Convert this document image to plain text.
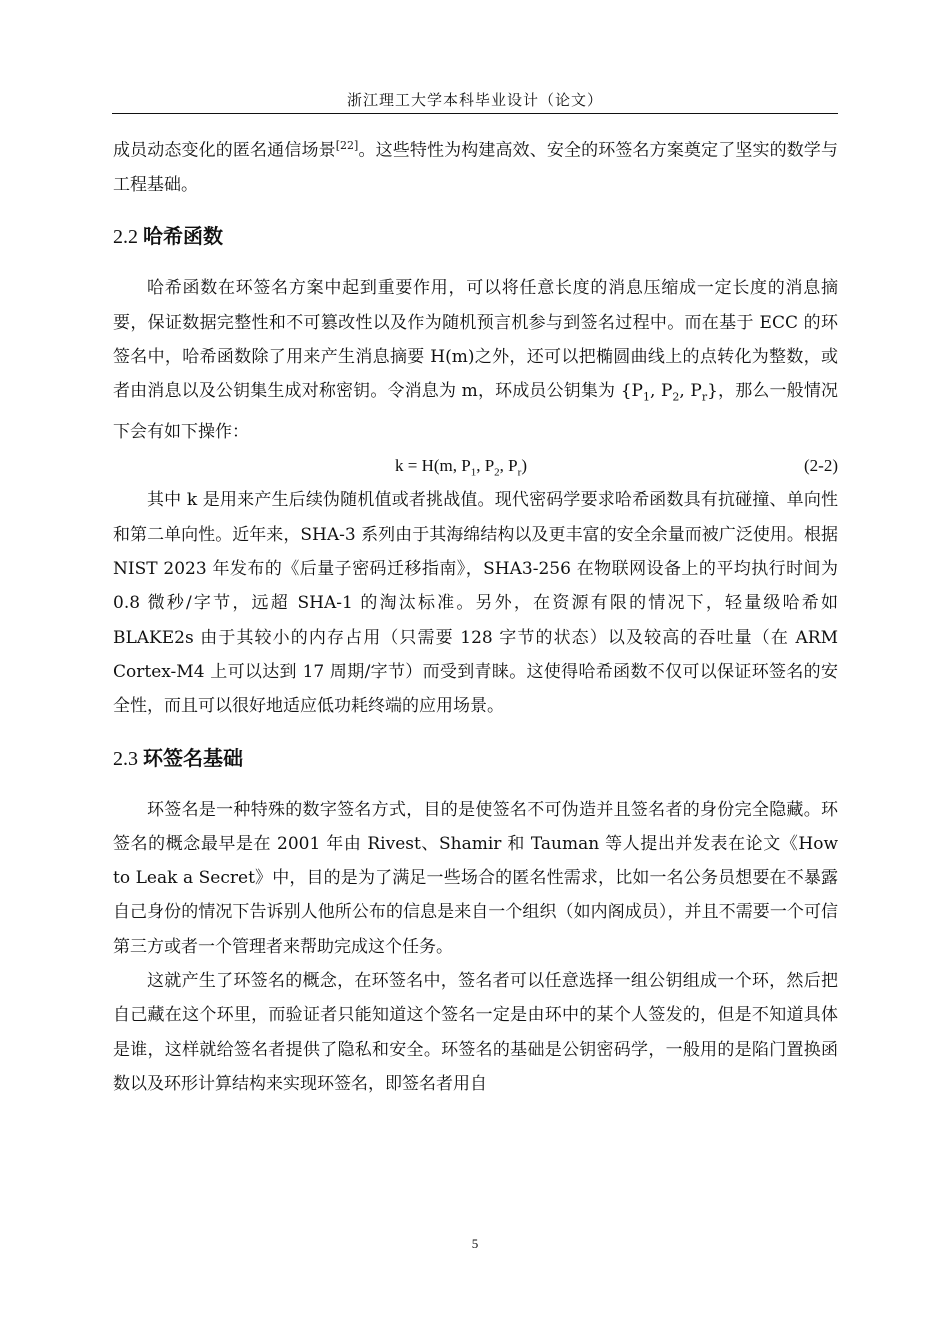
浙江理工大学本科毕业设计（论文）

成员动态变化的匿名通信场景[22]。这些特性为构建高效、安全的环签名方案奠定了坚实的数学与工程基础。

2.2 哈希函数

哈希函数在环签名方案中起到重要作用，可以将任意长度的消息压缩成一定长度的消息摘要，保证数据完整性和不可篡改性以及作为随机预言机参与到签名过程中。而在基于 ECC 的环签名中，哈希函数除了用来产生消息摘要 H(m)之外，还可以把椭圆曲线上的点转化为整数，或者由消息以及公钥集生成对称密钥。令消息为 m，环成员公钥集为 {$P_1$, $P_2$, $P_r$}，那么一般情况下会有如下操作：

k = H(m, $P_1$, $P_2$, $P_r$)	(2-2)

其中 k 是用来产生后续伪随机值或者挑战值。现代密码学要求哈希函数具有抗碰撞、单向性和第二单向性。近年来，SHA-3 系列由于其海绵结构以及更丰富的安全余量而被广泛使用。根据 NIST 2023 年发布的《后量子密码迁移指南》，SHA3-256 在物联网设备上的平均执行时间为 0.8 微秒/字节，远超 SHA-1 的淘汰标准。另外，在资源有限的情况下，轻量级哈希如 BLAKE2s 由于其较小的内存占用（只需要 128 字节的状态）以及较高的吞吐量（在 ARM Cortex-M4 上可以达到 17 周期/字节）而受到青睐。这使得哈希函数不仅可以保证环签名的安全性，而且可以很好地适应低功耗终端的应用场景。

2.3 环签名基础

环签名是一种特殊的数字签名方式，目的是使签名不可伪造并且签名者的身份完全隐藏。环签名的概念最早是在 2001 年由 Rivest、Shamir 和 Tauman 等人提出并发表在论文《How to Leak a Secret》中，目的是为了满足一些场合的匿名性需求，比如一名公务员想要在不暴露自己身份的情况下告诉别人他所公布的信息是来自一个组织（如内阁成员），并且不需要一个可信第三方或者一个管理者来帮助完成这个任务。

这就产生了环签名的概念，在环签名中，签名者可以任意选择一组公钥组成一个环，然后把自己藏在这个环里，而验证者只能知道这个签名一定是由环中的某个人签发的，但是不知道具体是谁，这样就给签名者提供了隐私和安全。环签名的基础是公钥密码学，一般用的是陷门置换函数以及环形计算结构来实现环签名，即签名者用自

5
